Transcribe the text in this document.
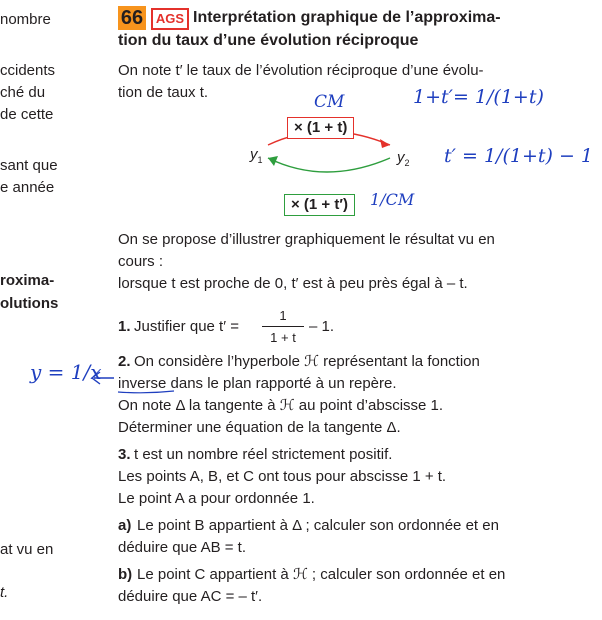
nombre
ccidents
ché du
de cette
sant que
e année
roxima-
olutions
at vu en
t.
66 AGS Interprétation graphique de l’approxima-
tion du taux d’une évolution réciproque
On note t′ le taux de l’évolution réciproque d’une évolu-
tion de taux t.
× (1 + t)
× (1 + t′)
$y_1$	$y_2$
On se propose d’illustrer graphiquement le résultat vu en
cours :
lorsque t est proche de 0, t′ est à peu près égal à – t.
1. Justifier que t′ =
1
1 + t
– 1.
2. On considère l’hyperbole ℋ représentant la fonction
inverse dans le plan rapporté à un repère.
On note Δ la tangente à ℋ au point d’abscisse 1.
Déterminer une équation de la tangente Δ.
3. t est un nombre réel strictement positif.
Les points A, B, et C ont tous pour abscisse 1 + t.
Le point A a pour ordonnée 1.
a) Le point B appartient à Δ ; calculer son ordonnée et en
déduire que AB = t.
b) Le point C appartient à ℋ ; calculer son ordonnée et en
déduire que AC = – t′.
CM	1+t′= 1/(1+t)
t′ = 1/(1+t) − 1
1/CM
y = 1/x
